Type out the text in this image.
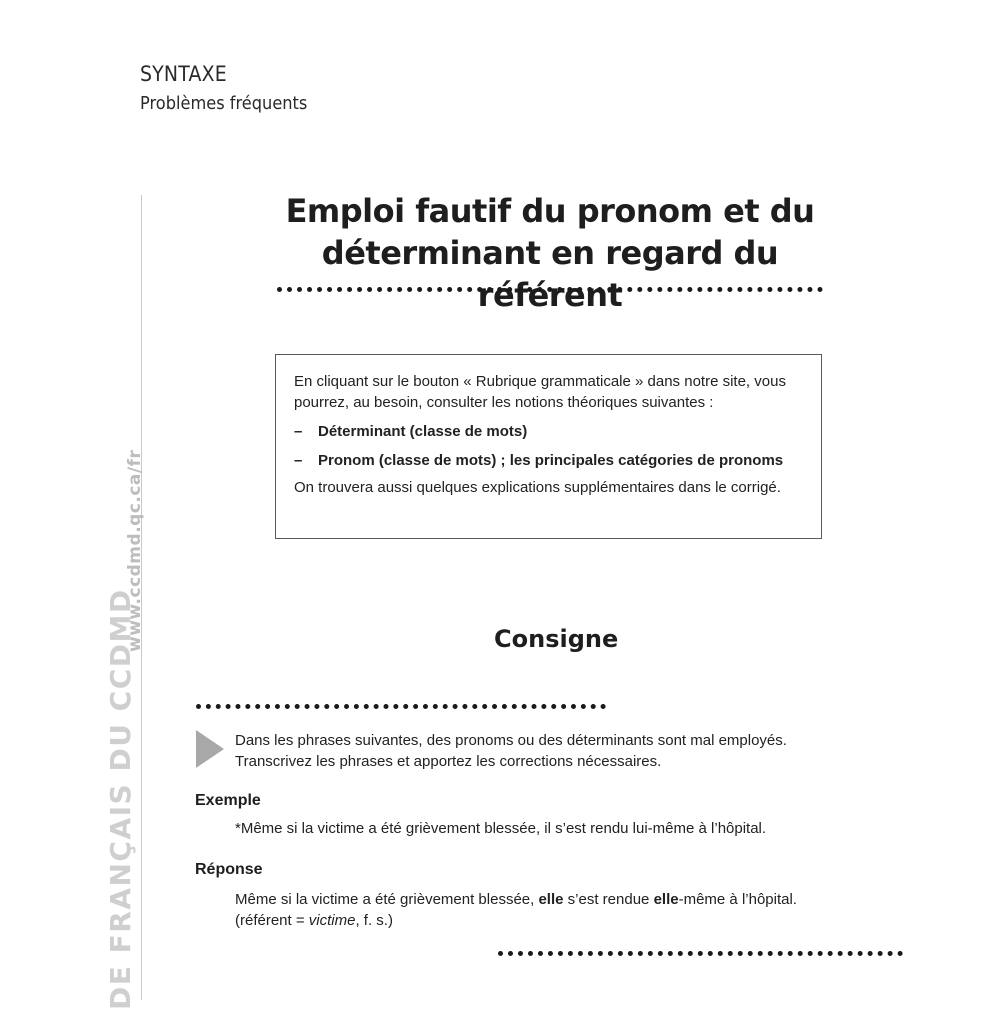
SYNTAXE
Problèmes fréquents
www.ccdmd.qc.ca/fr
DE FRANÇAIS DU CCDMD
Emploi fautif du pronom et du
déterminant en regard du référent

En cliquant sur le bouton « Rubrique grammaticale » dans notre site, vous pourrez, au besoin, consulter les notions théoriques suivantes :

–	Déterminant (classe de mots)
–	Pronom (classe de mots) ; les principales catégories de pronoms

On trouvera aussi quelques explications supplémentaires dans le corrigé.

Consigne

Dans les phrases suivantes, des pronoms ou des déterminants sont mal employés.

Transcrivez les phrases et apportez les corrections nécessaires.

Exemple
*Même si la victime a été grièvement blessée, il s’est rendu lui-même à l’hôpital.
Réponse

Même si la victime a été grièvement blessée, elle s’est rendue elle-même à l’hôpital.

(référent = victime, f. s.)
